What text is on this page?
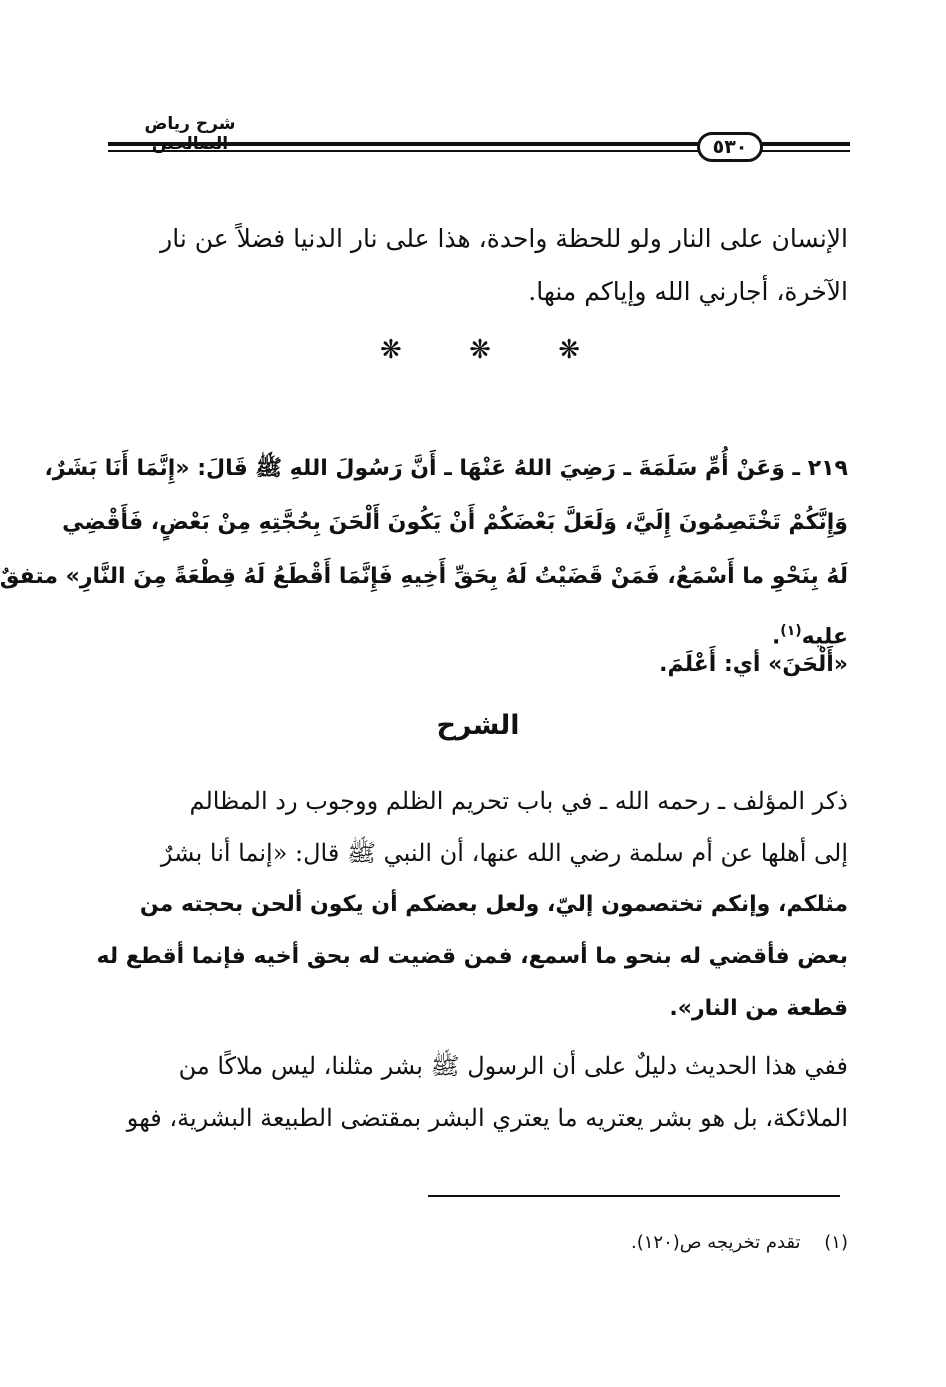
شرح رياض
٥٣٠
الإنسان على النار ولو للحظة واحدة، هذا على نار الدنيا فضلاً عن نار
الآخرة، أجارني الله وإياكم منها.
❋
❋
❋
٢١٩ ـ وَعَنْ أُمِّ سَلَمَةَ ـ رَضِيَ اللهُ عَنْهَا ـ أَنَّ رَسُولَ اللهِ ﷺ قَالَ: «إِنَّمَا أَنَا بَشَرٌ،
وَإِنَّكُمْ تَخْتَصِمُونَ إِلَيَّ، وَلَعَلَّ بَعْضَكُمْ أَنْ يَكُونَ أَلْحَنَ بِحُجَّتِهِ مِنْ بَعْضٍ، فَأَقْضِي
لَهُ بِنَحْوِ ما أَسْمَعُ، فَمَنْ قَضَيْتُ لَهُ بِحَقِّ أَخِيهِ فَإِنَّمَا أَقْطَعُ لَهُ قِطْعَةً مِنَ النَّارِ» متفقٌ
عليه$^{(١)}$.
«أَلْحَنَ» أي: أَعْلَمَ.
الشرح
ذكر المؤلف ـ رحمه الله ـ في باب تحريم الظلم ووجوب رد المظالم
إلى أهلها عن أم سلمة رضي الله عنها، أن النبي ﷺ قال: «إنما أنا بشرٌ
مثلكم، وإنكم تختصمون إليّ، ولعل بعضكم أن يكون ألحن بحجته من
بعض فأقضي له بنحو ما أسمع، فمن قضيت له بحق أخيه فإنما أقطع له
قطعة من النار».
ففي هذا الحديث دليلٌ على أن الرسول ﷺ بشر مثلنا، ليس ملاكًا من
الملائكة، بل هو بشر يعتريه ما يعتري البشر بمقتضى الطبيعة البشرية، فهو
(١) تقدم تخريجه ص(١٢٠).
